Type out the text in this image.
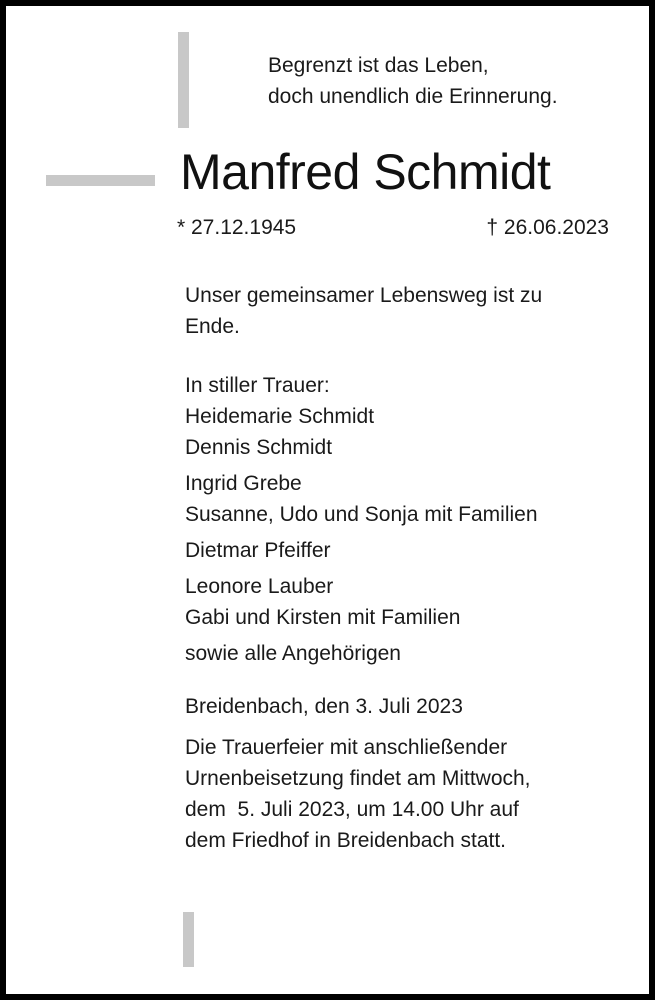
Begrenzt ist das Leben,
doch unendlich die Erinnerung.
Manfred Schmidt
* 27.12.1945	† 26.06.2023

Unser gemeinsamer Lebensweg ist zu

Ende.

In stiller Trauer:

Heidemarie Schmidt

Dennis Schmidt

Ingrid Grebe

Susanne, Udo und Sonja mit Familien

Dietmar Pfeiffer

Leonore Lauber

Gabi und Kirsten mit Familien

sowie alle Angehörigen

Breidenbach, den 3. Juli 2023

Die Trauerfeier mit anschließender

Urnenbeisetzung findet am Mittwoch,

dem  5. Juli 2023, um 14.00 Uhr auf

dem Friedhof in Breidenbach statt.
